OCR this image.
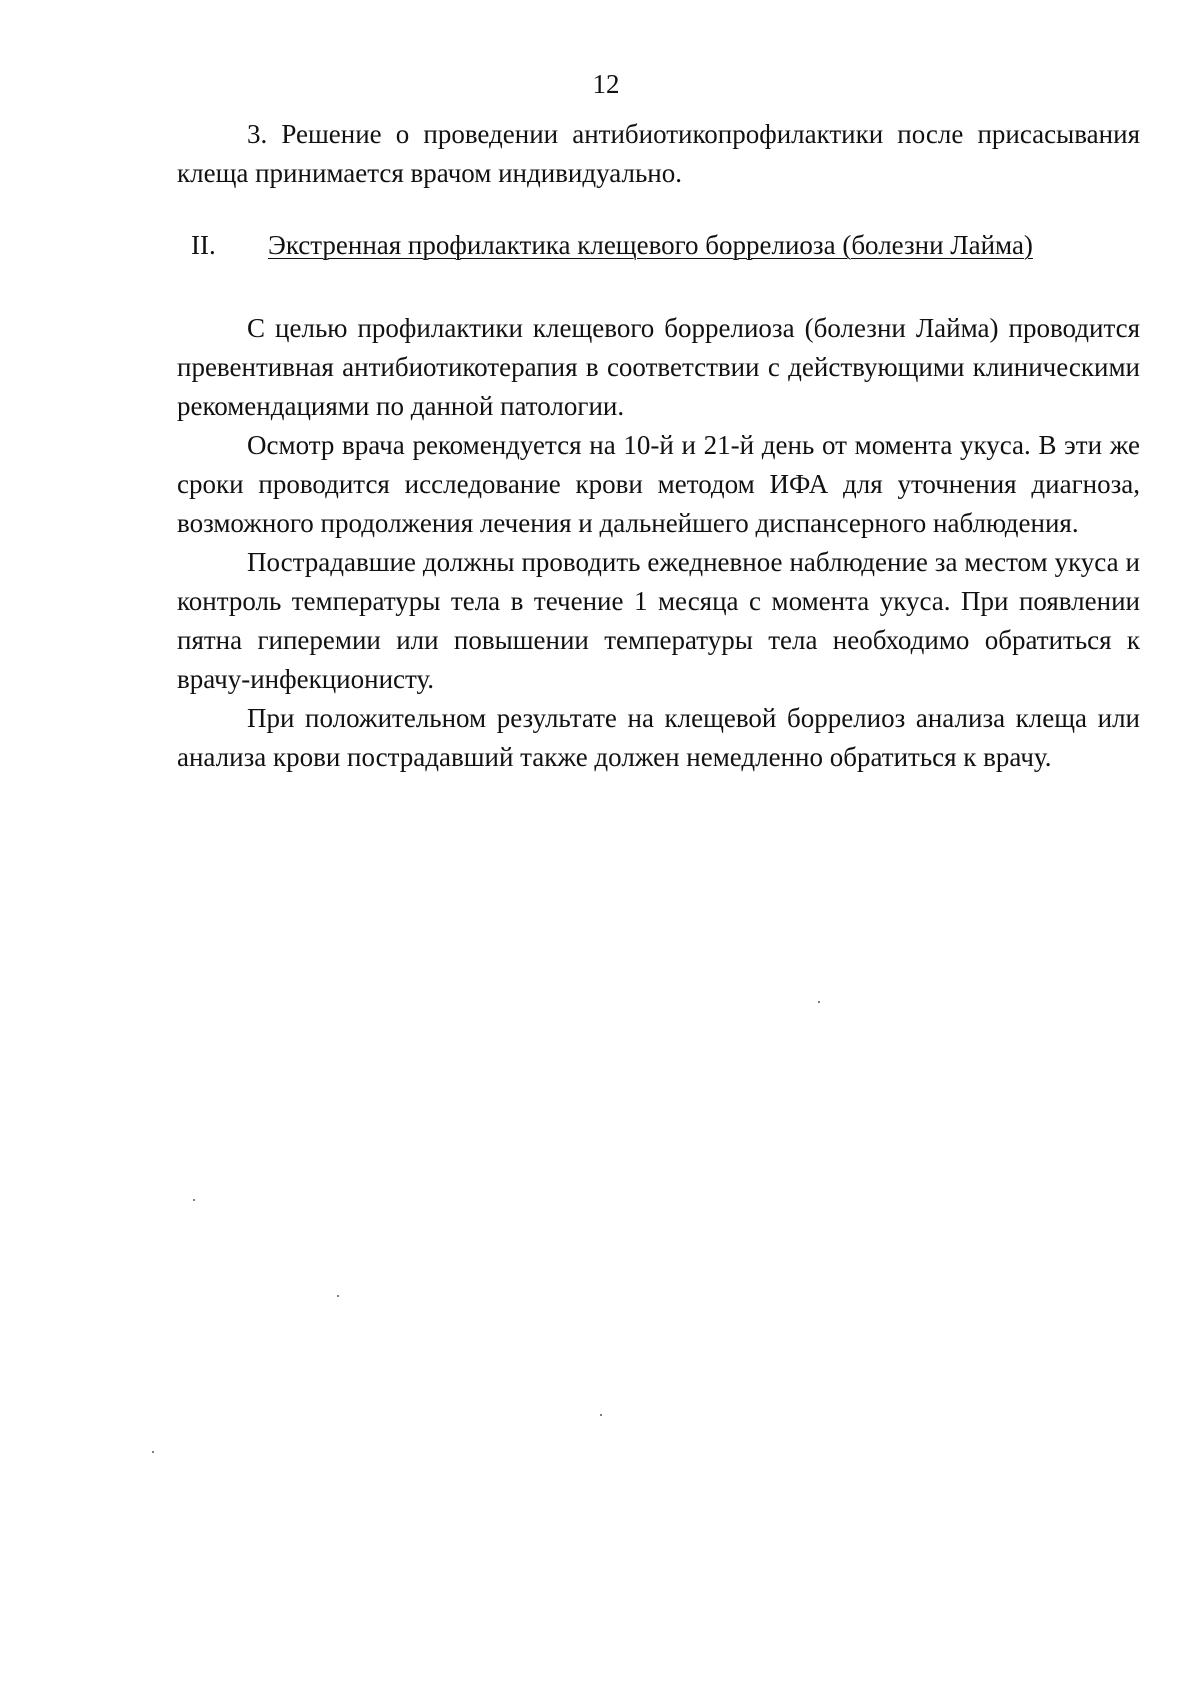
12

3. Решение о проведении антибиотикопрофилактики после присасывания клеща принимается врачом индивидуально.

II.	Экстренная профилактика клещевого боррелиоза (болезни Лайма)

С целью профилактики клещевого боррелиоза (болезни Лайма) проводится превентивная антибиотикотерапия в соответствии с действующими клиническими рекомендациями по данной патологии.

Осмотр врача рекомендуется на 10-й и 21-й день от момента укуса. В эти же сроки проводится исследование крови методом ИФА для уточнения диагноза, возможного продолжения лечения и дальнейшего диспансерного наблюдения.

Пострадавшие должны проводить ежедневное наблюдение за местом укуса и контроль температуры тела в течение 1 месяца с момента укуса. При появлении пятна гиперемии или повышении температуры тела необходимо обратиться к врачу-инфекционисту.

При положительном результате на клещевой боррелиоз анализа клеща или анализа крови пострадавший также должен немедленно обратиться к врачу.
